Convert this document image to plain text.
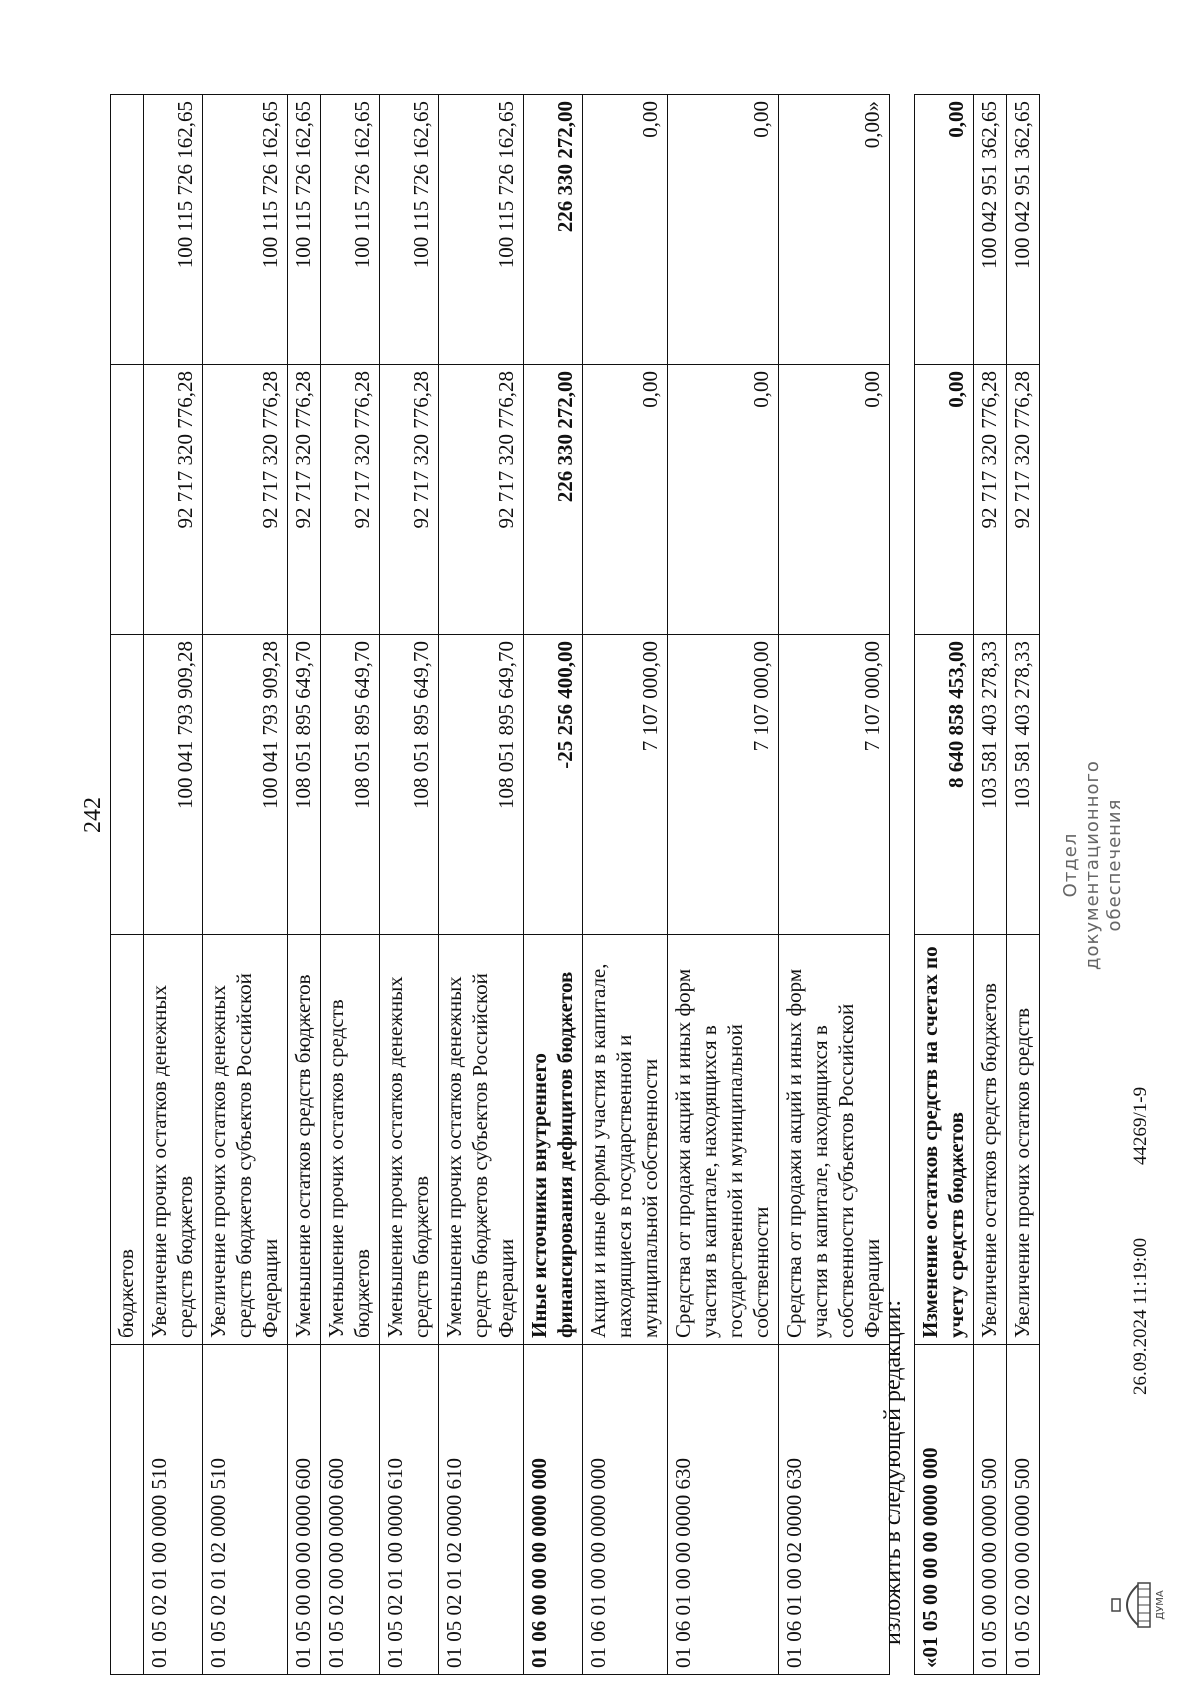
242
	бюджетов			
01 05 02 01 00 0000 510	Увеличение прочих остатков денежных средств бюджетов	100 041 793 909,28	92 717 320 776,28	100 115 726 162,65
01 05 02 01 02 0000 510	Увеличение прочих остатков денежных средств бюджетов субъектов Российской Федерации	100 041 793 909,28	92 717 320 776,28	100 115 726 162,65
01 05 00 00 00 0000 600	Уменьшение остатков средств бюджетов	108 051 895 649,70	92 717 320 776,28	100 115 726 162,65
01 05 02 00 00 0000 600	Уменьшение прочих остатков средств бюджетов	108 051 895 649,70	92 717 320 776,28	100 115 726 162,65
01 05 02 01 00 0000 610	Уменьшение прочих остатков денежных средств бюджетов	108 051 895 649,70	92 717 320 776,28	100 115 726 162,65
01 05 02 01 02 0000 610	Уменьшение прочих остатков денежных средств бюджетов субъектов Российской Федерации	108 051 895 649,70	92 717 320 776,28	100 115 726 162,65
01 06 00 00 00 0000 000	Иные источники внутреннего финансирования дефицитов бюджетов	-25 256 400,00	226 330 272,00	226 330 272,00
01 06 01 00 00 0000 000	Акции и иные формы участия в капитале, находящиеся в государственной и муниципальной собственности	7 107 000,00	0,00	0,00
01 06 01 00 00 0000 630	Средства от продажи акций и иных форм участия в капитале, находящихся в государственной и муниципальной собственности	7 107 000,00	0,00	0,00
01 06 01 00 02 0000 630	Средства от продажи акций и иных форм участия в капитале, находящихся в собственности субъектов Российской Федерации	7 107 000,00	0,00	0,00»
изложить в следующей редакции: «01 05 00 00 00 0000 000	Изменение остатков средств на счетах по учету средств бюджетов	8 640 858 453,00	0,00	0,00
01 05 00 00 00 0000 500	Увеличение остатков средств бюджетов	103 581 403 278,33	92 717 320 776,28	100 042 951 362,65
01 05 02 00 00 0000 500	Увеличение прочих остатков средств	103 581 403 278,33	92 717 320 776,28	100 042 951 362,65
ДУМА
26.09.2024 11:19:00
44269/1-9
Отдел документационного обеспечения
